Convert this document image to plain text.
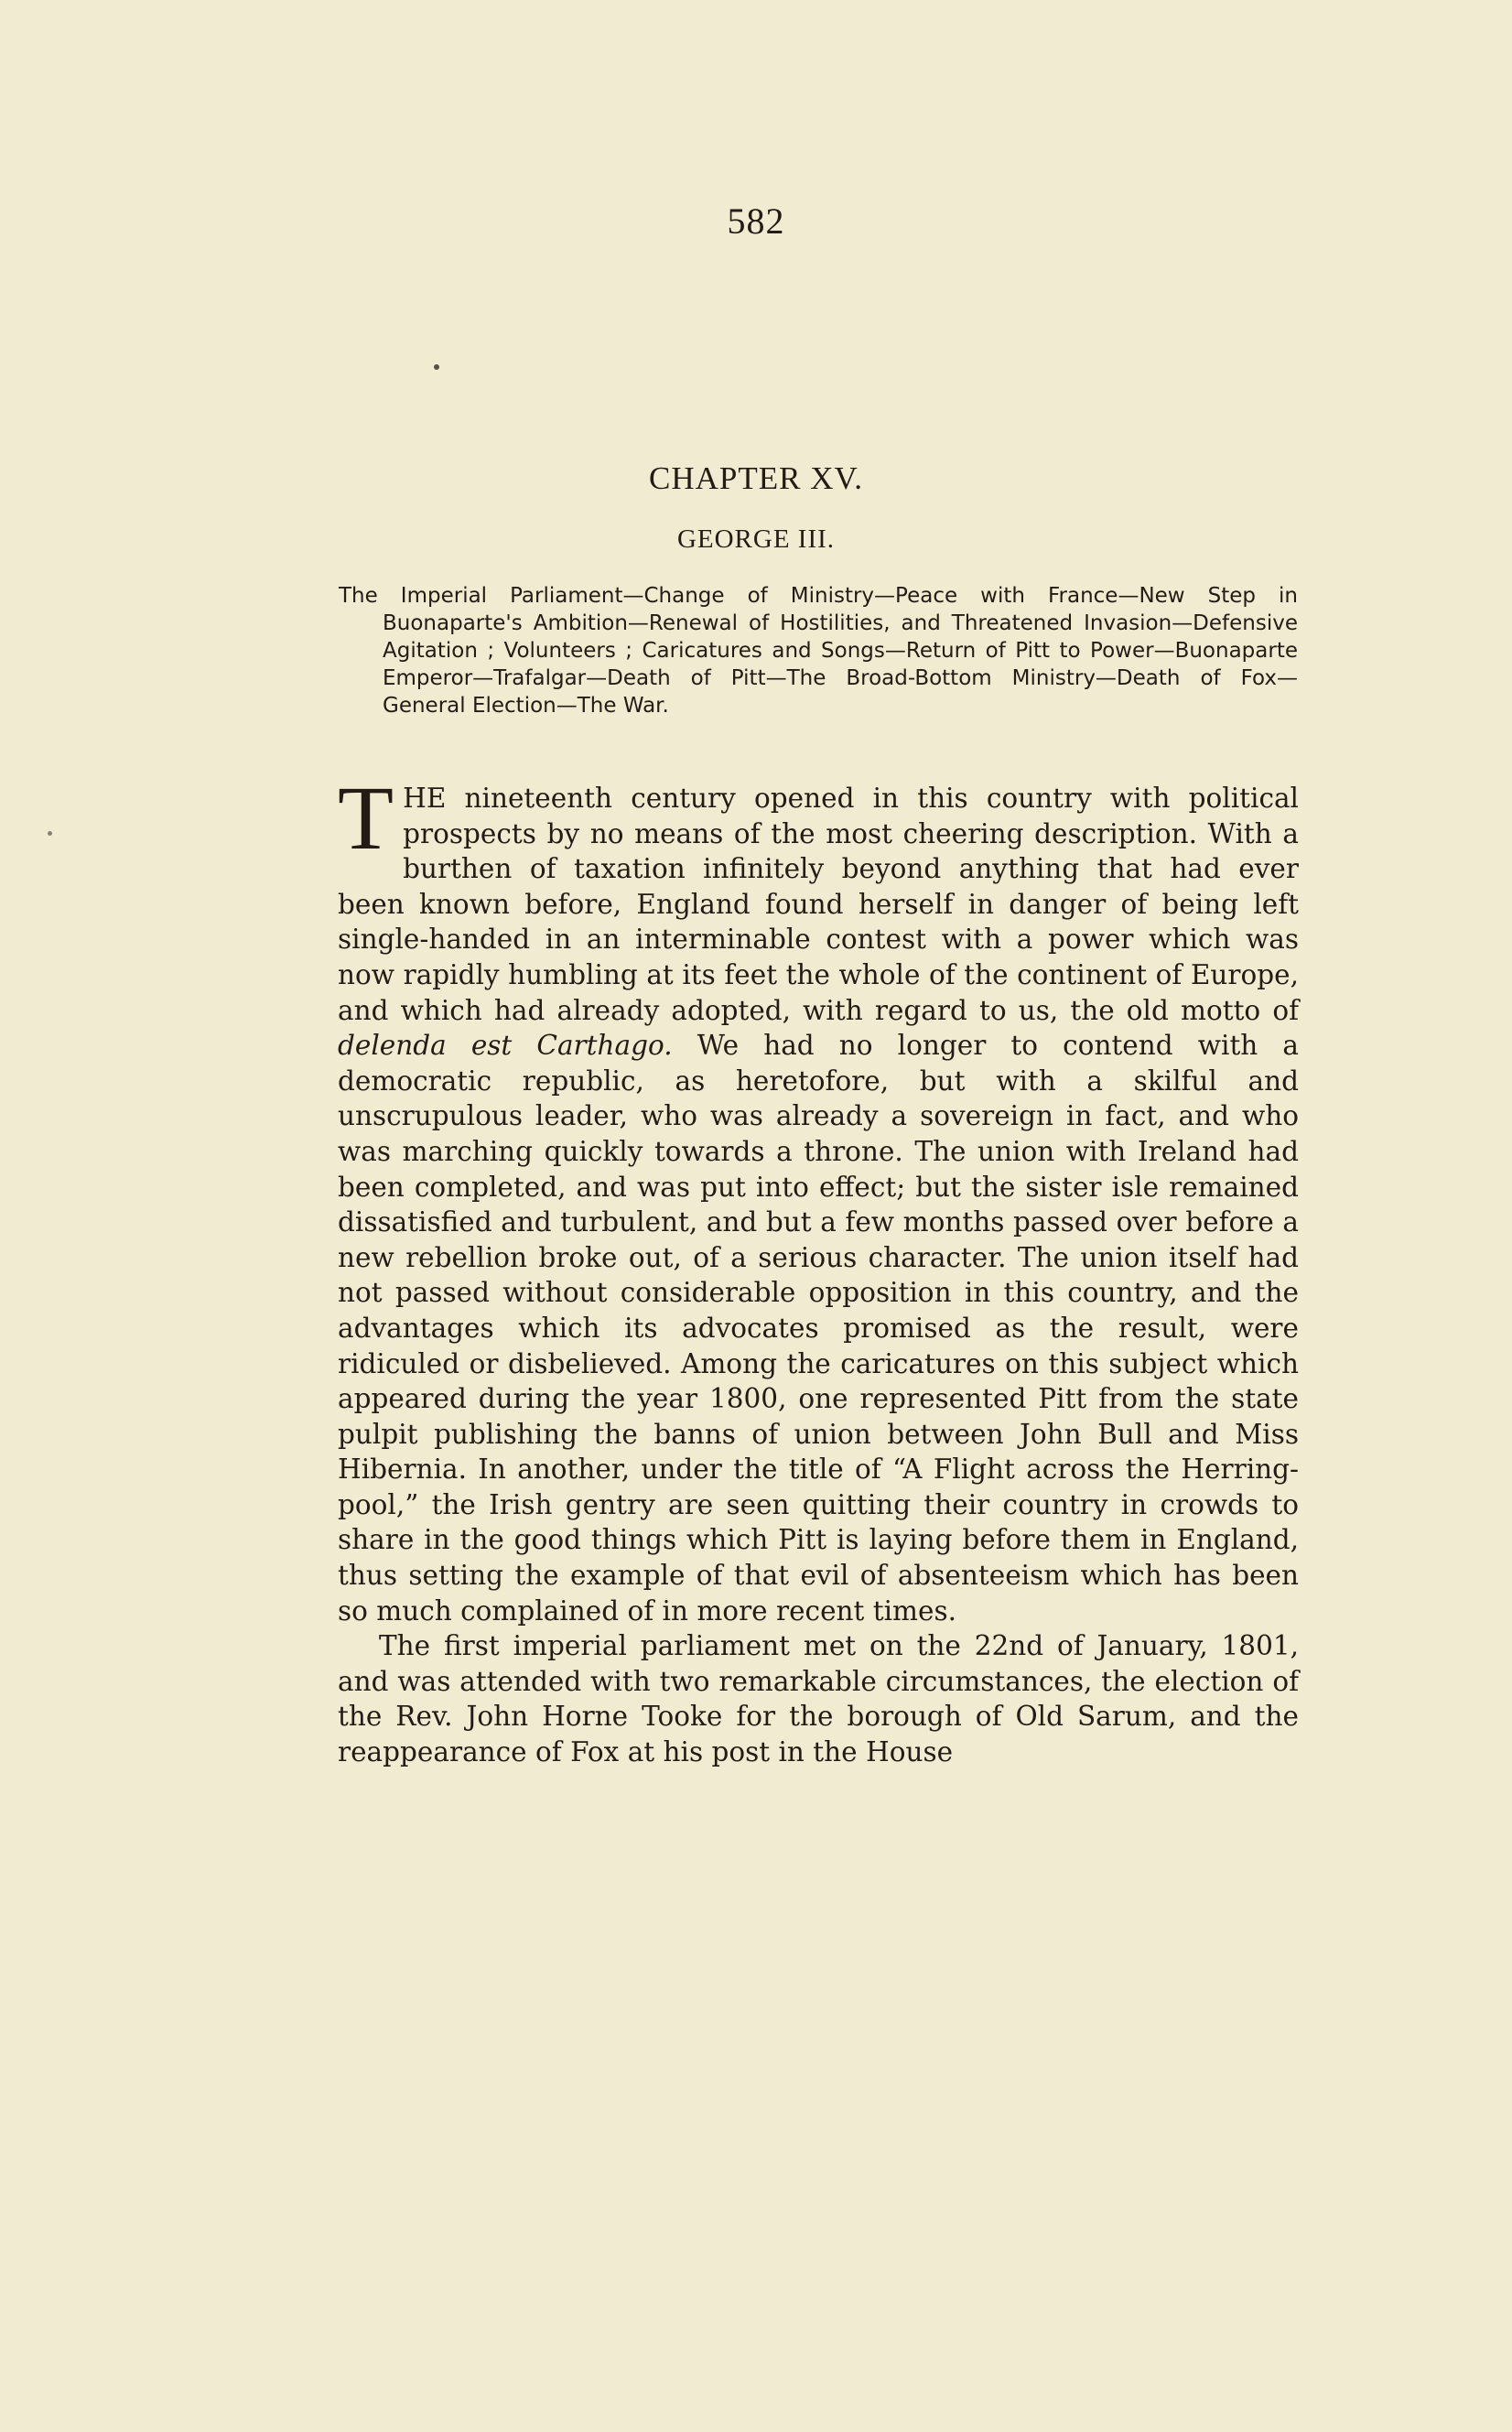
582
CHAPTER XV.
GEORGE III.
The Imperial Parliament—Change of Ministry—Peace with France—New Step in Buonaparte's Ambition—Renewal of Hostilities, and Threatened Invasion—Defensive Agitation ; Volunteers ; Caricatures and Songs—Return of Pitt to Power—Buonaparte Emperor—Trafalgar—Death of Pitt—The Broad-Bottom Ministry—Death of Fox—General Election—The War.

THE nineteenth century opened in this country with political prospects by no means of the most cheering description. With a burthen of taxation infinitely beyond anything that had ever been known before, England found herself in danger of being left single-handed in an interminable contest with a power which was now rapidly humbling at its feet the whole of the continent of Europe, and which had already adopted, with regard to us, the old motto of delenda est Carthago. We had no longer to contend with a democratic republic, as heretofore, but with a skilful and unscrupulous leader, who was already a sovereign in fact, and who was marching quickly towards a throne. The union with Ireland had been completed, and was put into effect; but the sister isle remained dissatisfied and turbulent, and but a few months passed over before a new rebellion broke out, of a serious character. The union itself had not passed without considerable opposition in this country, and the advantages which its advocates promised as the result, were ridiculed or disbelieved. Among the caricatures on this subject which appeared during the year 1800, one represented Pitt from the state pulpit publishing the banns of union between John Bull and Miss Hibernia. In another, under the title of “A Flight across the Herring-pool,” the Irish gentry are seen quitting their country in crowds to share in the good things which Pitt is laying before them in England, thus setting the example of that evil of absenteeism which has been so much complained of in more recent times.

The first imperial parliament met on the 22nd of January, 1801, and was attended with two remarkable circumstances, the election of the Rev. John Horne Tooke for the borough of Old Sarum, and the reappearance of Fox at his post in the House
